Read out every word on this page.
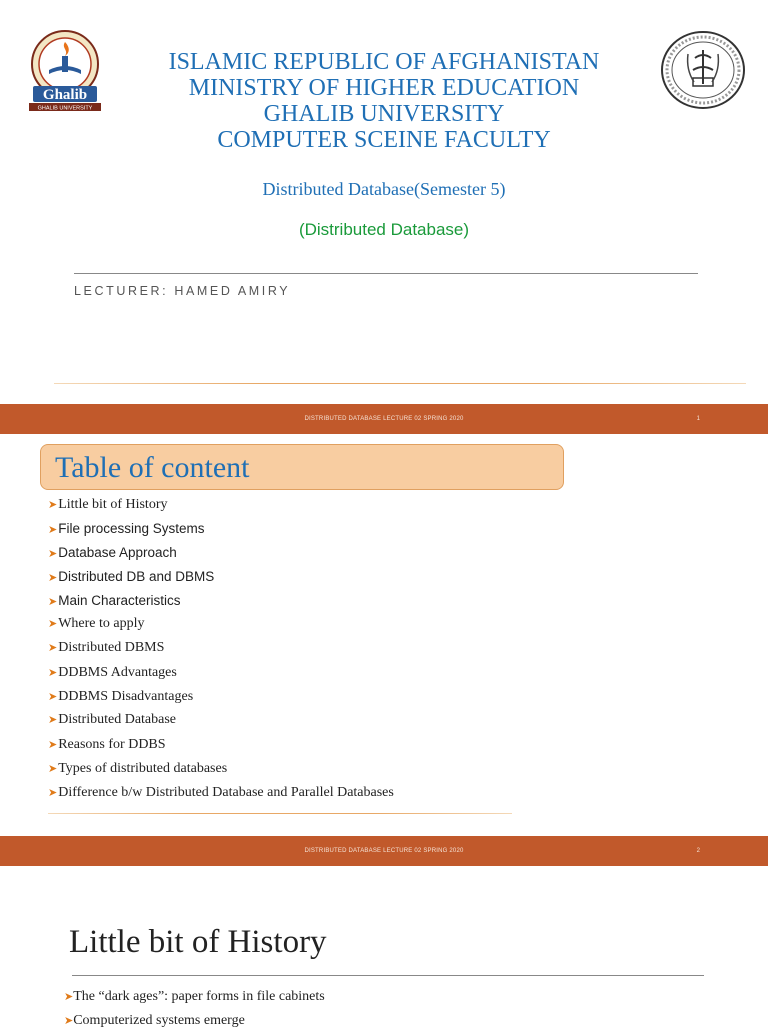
Ghalib
GHALIB UNIVERSITY
ISLAMIC REPUBLIC OF AFGHANISTAN
MINISTRY OF HIGHER EDUCATION
GHALIB UNIVERSITY
COMPUTER SCEINE FACULTY
Distributed Database(Semester 5)
(Distributed Database)
LECTURER: HAMED AMIRY
DISTRIBUTED DATABASE LECTURE 02 SPRING 2020	1
Table of content
➤Little bit of History
➤File processing Systems
➤Database Approach
➤Distributed DB and DBMS
➤Main Characteristics
➤Where to apply
➤Distributed DBMS
➤DDBMS Advantages
➤DDBMS Disadvantages
➤Distributed Database
➤Reasons for DDBS
➤Types of distributed databases
➤Difference b/w Distributed Database and Parallel Databases
DISTRIBUTED DATABASE LECTURE 02 SPRING 2020	2
Little bit of History
➤The “dark ages”: paper forms in file cabinets
➤Computerized systems emerge
